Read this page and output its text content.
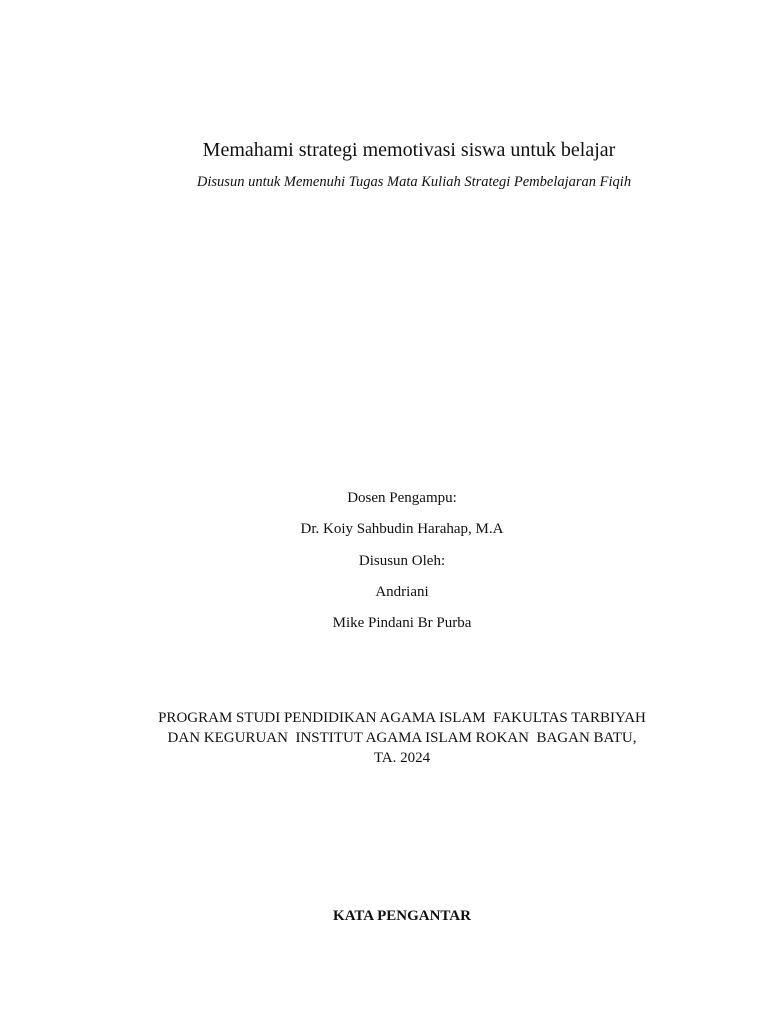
Memahami strategi memotivasi siswa untuk belajar
Disusun untuk Memenuhi Tugas Mata Kuliah Strategi Pembelajaran Fiqih
Dosen Pengampu:
Dr. Koiy Sahbudin Harahap, M.A
Disusun Oleh:
Andriani
Mike Pindani Br Purba
PROGRAM STUDI PENDIDIKAN AGAMA ISLAM  FAKULTAS TARBIYAH
DAN KEGURUAN  INSTITUT AGAMA ISLAM ROKAN  BAGAN BATU,
TA. 2024
KATA PENGANTAR
